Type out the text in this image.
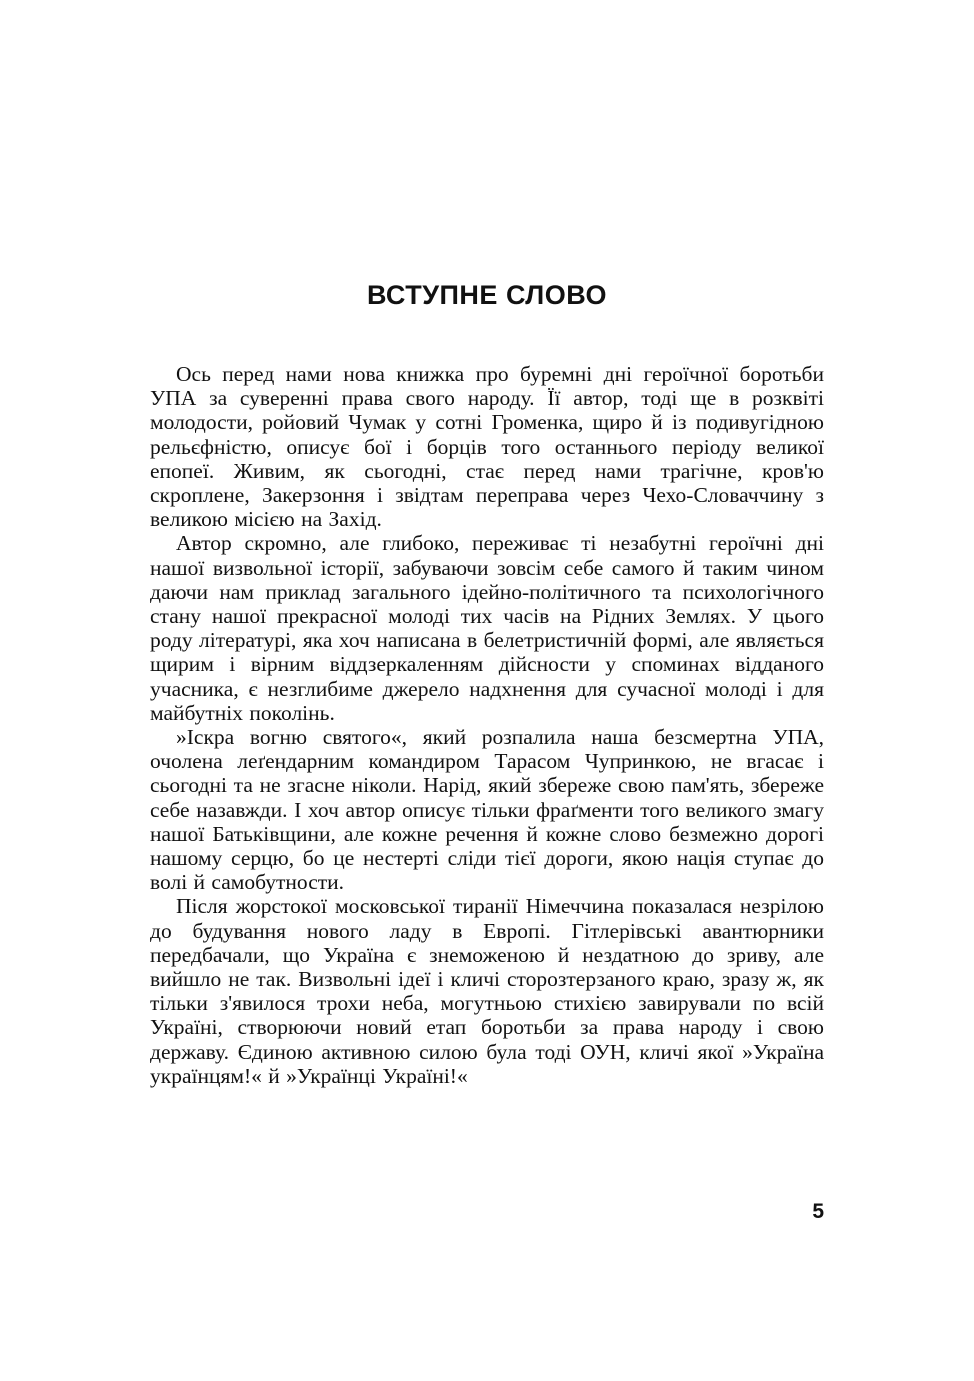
ВСТУПНЕ СЛОВО

Ось перед нами нова книжка про буремні дні героїчної боротьби УПА за суверенні права свого народу. Її автор, тоді ще в розквіті молодости, ройовий Чумак у сотні Громенка, щиро й із подивугідною рельєфністю, описує бої і борців того останнього періоду великої епопеї. Живим, як сьогодні, стає перед нами трагічне, кров'ю скроплене, Закерзоння і звідтам переправа через Чехо-Словаччину з великою місією на Захід.

Автор скромно, але глибоко, переживає ті незабутні героїчні дні нашої визвольної історії, забуваючи зовсім себе самого й таким чином даючи нам приклад загального ідейно-політичного та психологічного стану нашої прекрасної молоді тих часів на Рідних Землях. У цього роду літературі, яка хоч написана в белетристичній формі, але являється щирим і вірним віддзеркаленням дійсности у споминах відданого учасника, є незглибиме джерело надхнення для сучасної молоді і для майбутніх поколінь.

»Іскра вогню святого«, який розпалила наша безсмертна УПА, очолена леґендарним командиром Тарасом Чупринкою, не вгасає і сьогодні та не згасне ніколи. Нарід, який збереже свою пам'ять, збереже себе назавжди. І хоч автор описує тільки фраґменти того великого змагу нашої Батьківщини, але кожне речення й кожне слово безмежно дорогі нашому серцю, бо це нестерті сліди тієї дороги, якою нація ступає до волі й самобутности.

Після жорстокої московської тиранії Німеччина показалася незрілою до будування нового ладу в Европі. Гітлерівські авантюрники передбачали, що Україна є знеможеною й нездатною до зриву, але вийшло не так. Визвольні ідеї і кличі сторозтерзаного краю, зразу ж, як тільки з'явилося трохи неба, могутньою стихією завирували по всій Україні, створюючи новий етап боротьби за права народу і свою державу. Єдиною активною силою була тоді ОУН, кличі якої »Україна українцям!« й »Українці Україні!«

5
